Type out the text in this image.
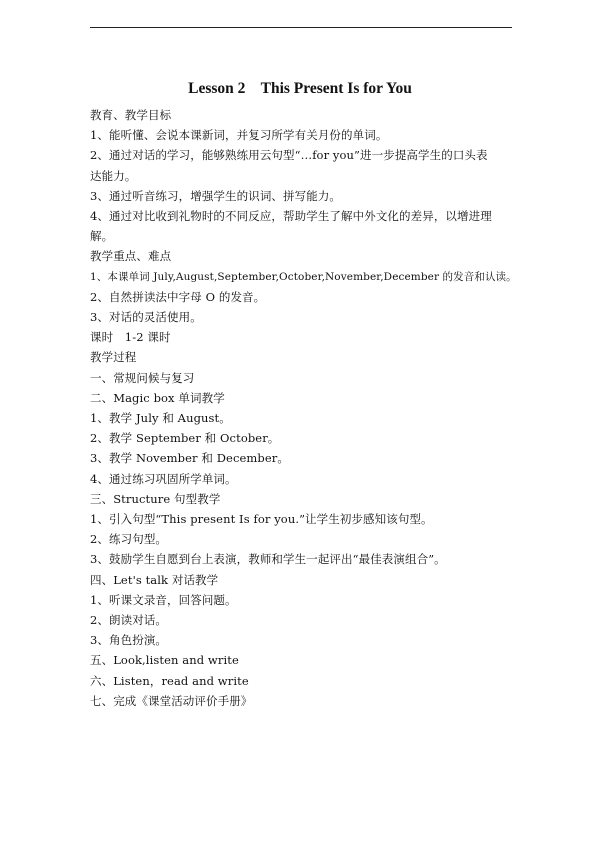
Lesson 2    This Present Is for You
教育、教学目标
1、能听懂、会说本课新词，并复习所学有关月份的单词。
2、通过对话的学习，能够熟练用云句型“…for you”进一步提高学生的口头表
达能力。
3、通过听音练习，增强学生的识词、拼写能力。
4、通过对比收到礼物时的不同反应，帮助学生了解中外文化的差异，以增进理
解。
教学重点、难点
1、本课单词 July,August,September,October,November,December 的发音和认读。
2、自然拼读法中字母 O 的发音。
3、对话的灵活使用。
课时　1-2 课时
教学过程
一、常规问候与复习
二、Magic box 单词教学
1、教学 July 和 August。
2、教学 September 和 October。
3、教学 November 和 December。
4、通过练习巩固所学单词。
三、Structure 句型教学
1、引入句型“This present Is for you.”让学生初步感知该句型。
2、练习句型。
3、鼓励学生自愿到台上表演，教师和学生一起评出“最佳表演组合”。
四、Let's talk 对话教学
1、听课文录音，回答问题。
2、朗读对话。
3、角色扮演。
五、Look,listen and write
六、Listen，read and write
七、完成《课堂活动评价手册》
